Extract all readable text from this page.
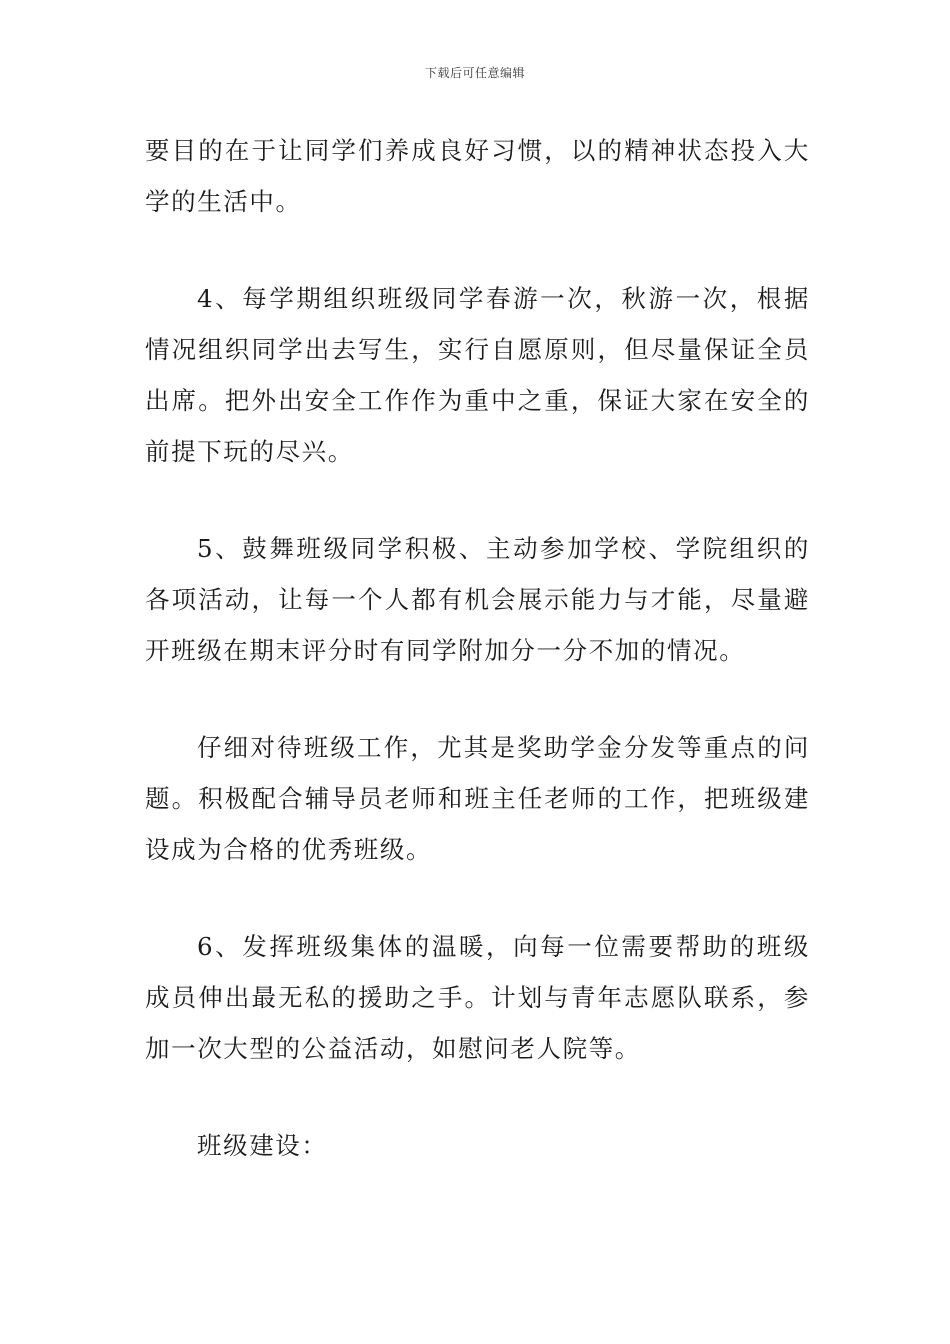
下载后可任意编辑

要目的在于让同学们养成良好习惯，以的精神状态投入大学的生活中。

4、每学期组织班级同学春游一次，秋游一次，根据情况组织同学出去写生，实行自愿原则，但尽量保证全员出席。把外出安全工作作为重中之重，保证大家在安全的前提下玩的尽兴。

5、鼓舞班级同学积极、主动参加学校、学院组织的各项活动，让每一个人都有机会展示能力与才能，尽量避开班级在期末评分时有同学附加分一分不加的情况。

仔细对待班级工作，尤其是奖助学金分发等重点的问题。积极配合辅导员老师和班主任老师的工作，把班级建设成为合格的优秀班级。

6、发挥班级集体的温暖，向每一位需要帮助的班级成员伸出最无私的援助之手。计划与青年志愿队联系，参加一次大型的公益活动，如慰问老人院等。

班级建设：
